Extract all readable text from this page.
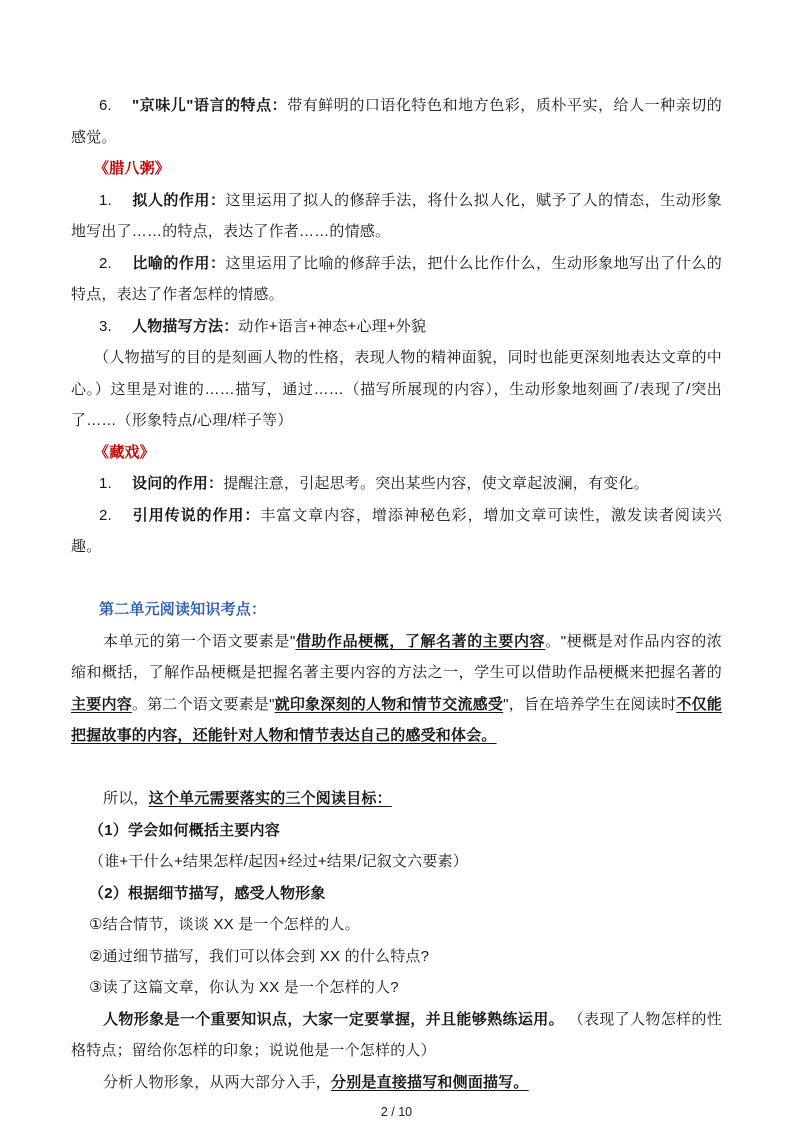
6. "京味儿"语言的特点：带有鲜明的口语化特色和地方色彩，质朴平实，给人一种亲切的感觉。

《腊八粥》

1. 拟人的作用：这里运用了拟人的修辞手法，将什么拟人化，赋予了人的情态，生动形象地写出了……的特点，表达了作者……的情感。

2. 比喻的作用：这里运用了比喻的修辞手法，把什么比作什么，生动形象地写出了什么的特点，表达了作者怎样的情感。

3. 人物描写方法：动作+语言+神态+心理+外貌

（人物描写的目的是刻画人物的性格，表现人物的精神面貌，同时也能更深刻地表达文章的中心。）这里是对谁的……描写，通过……（描写所展现的内容），生动形象地刻画了/表现了/突出了……（形象特点/心理/样子等）

《藏戏》

1. 设问的作用：提醒注意，引起思考。突出某些内容，使文章起波澜，有变化。

2. 引用传说的作用：丰富文章内容，增添神秘色彩，增加文章可读性，激发读者阅读兴趣。

第二单元阅读知识考点：

本单元的第一个语文要素是"借助作品梗概，了解名著的主要内容。"梗概是对作品内容的浓缩和概括，了解作品梗概是把握名著主要内容的方法之一，学生可以借助作品梗概来把握名著的主要内容。第二个语文要素是"就印象深刻的人物和情节交流感受"，旨在培养学生在阅读时不仅能把握故事的内容，还能针对人物和情节表达自己的感受和体会。

所以，这个单元需要落实的三个阅读目标：

（1）学会如何概括主要内容

（谁+干什么+结果怎样/起因+经过+结果/记叙文六要素）

（2）根据细节描写，感受人物形象

①结合情节，谈谈 XX 是一个怎样的人。

②通过细节描写，我们可以体会到 XX 的什么特点?

③读了这篇文章，你认为 XX 是一个怎样的人?

人物形象是一个重要知识点，大家一定要掌握，并且能够熟练运用。 （表现了人物怎样的性格特点；留给你怎样的印象；说说他是一个怎样的人）

分析人物形象，从两大部分入手，分别是直接描写和侧面描写。

2 / 10
